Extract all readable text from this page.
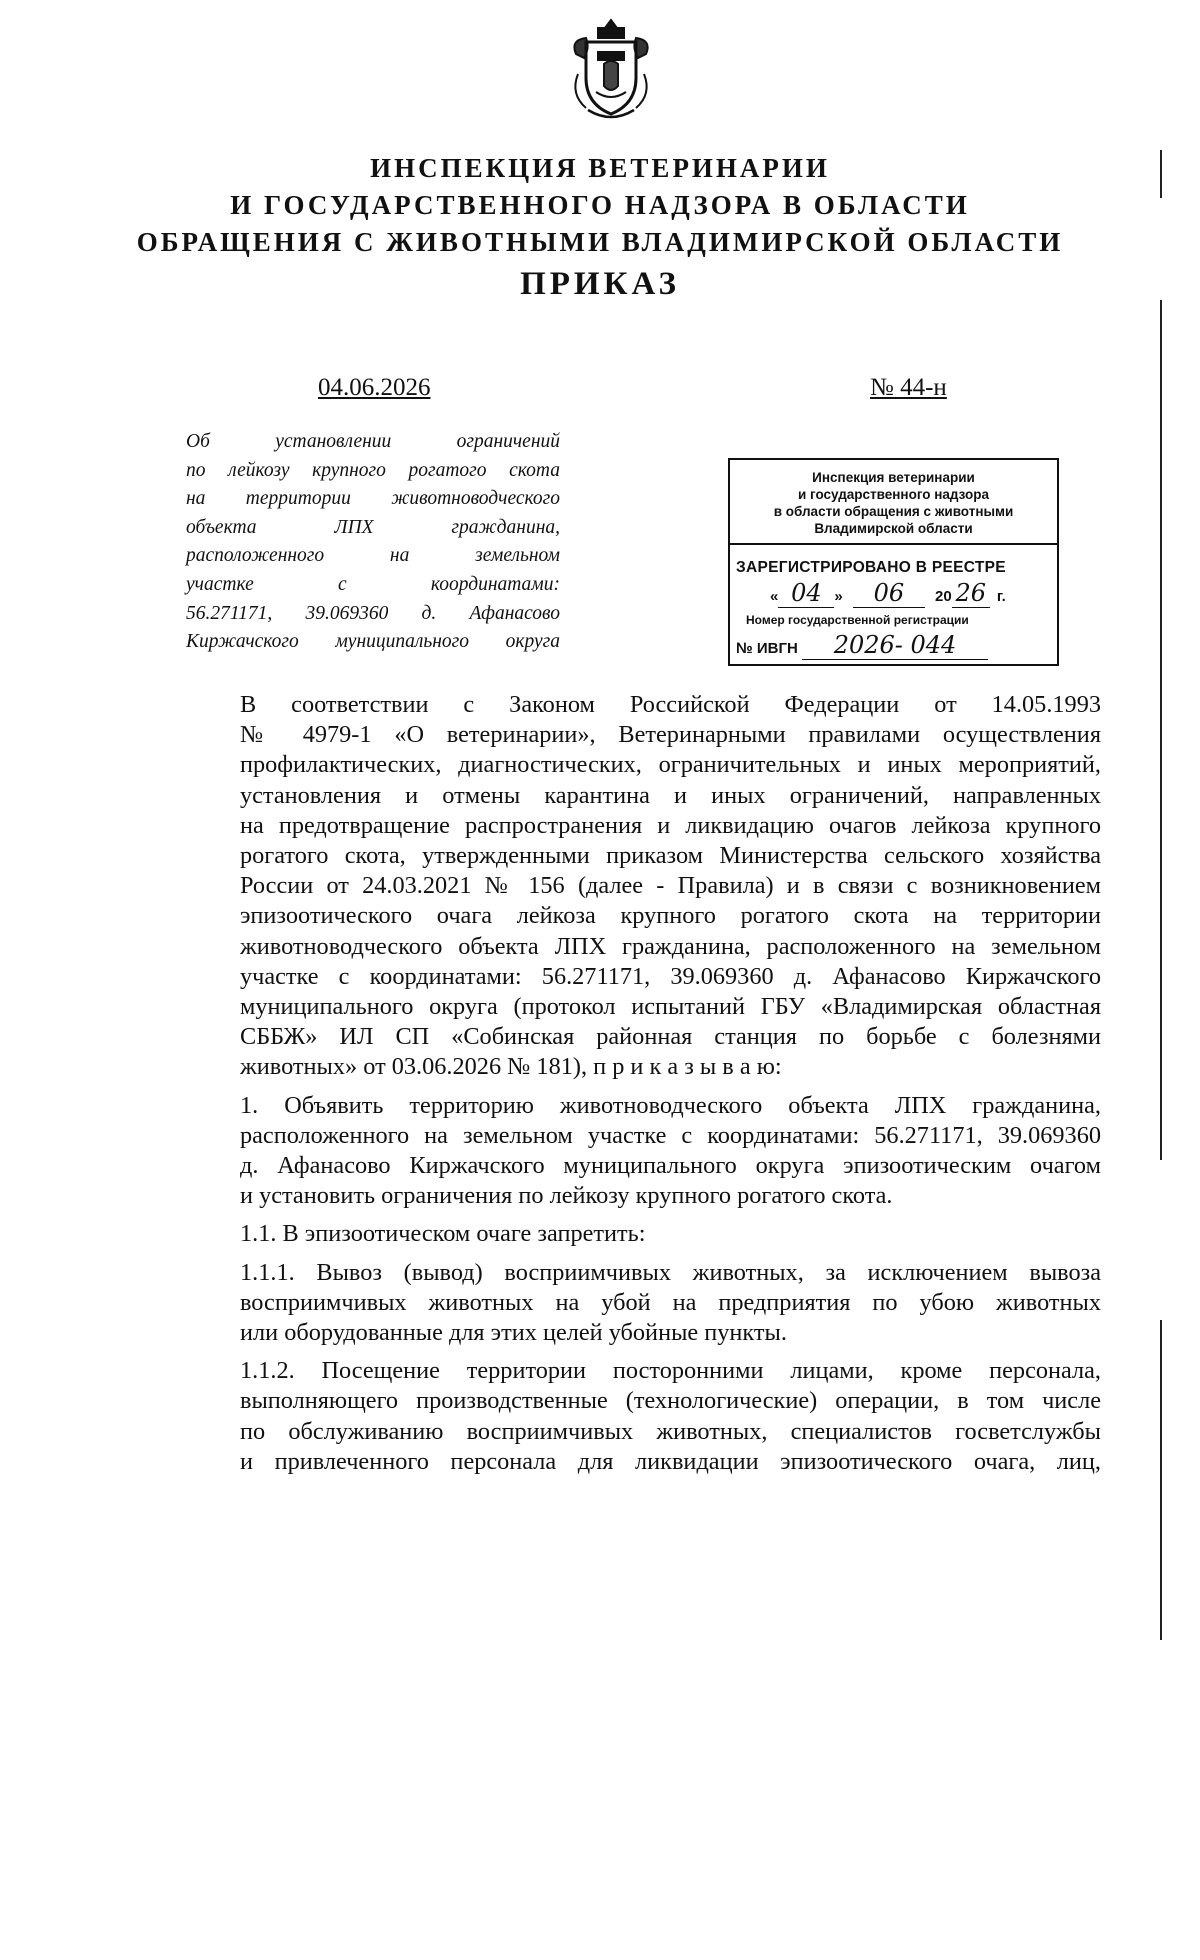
ИНСПЕКЦИЯ ВЕТЕРИНАРИИ
И ГОСУДАРСТВЕННОГО НАДЗОРА В ОБЛАСТИ
ОБРАЩЕНИЯ С ЖИВОТНЫМИ ВЛАДИМИРСКОЙ ОБЛАСТИ
ПРИКАЗ
04.06.2026	№ 44-н
Об установлении ограничений
по лейкозу крупного рогатого скота
на территории животноводческого
объекта ЛПХ гражданина,
расположенного на земельном
участке с координатами:
56.271171, 39.069360 д. Афанасово
Киржачского муниципального округа
Инспекция ветеринарии
и государственного надзора
в области обращения с животными
Владимирской области
ЗАРЕГИСТРИРОВАНО В РЕЕСТРЕ
« 04 » 06 20 26 г.
Номер государственной регистрации
№ ИВГН 2026- 044

В соответствии с Законом Российской Федерации от 14.05.1993
№ 4979-1 «О ветеринарии», Ветеринарными правилами осуществления
профилактических, диагностических, ограничительных и иных мероприятий,
установления и отмены карантина и иных ограничений, направленных
на предотвращение распространения и ликвидацию очагов лейкоза крупного
рогатого скота, утвержденными приказом Министерства сельского хозяйства
России от 24.03.2021 № 156 (далее - Правила) и в связи с возникновением
эпизоотического очага лейкоза крупного рогатого скота на территории
животноводческого объекта ЛПХ гражданина, расположенного на земельном
участке с координатами: 56.271171, 39.069360 д. Афанасово Киржачского
муниципального округа (протокол испытаний ГБУ «Владимирская областная
СББЖ» ИЛ СП «Собинская районная станция по борьбе с болезнями
животных» от 03.06.2026 № 181), п р и к а з ы в а ю:

1. Объявить территорию животноводческого объекта ЛПХ гражданина,
расположенного на земельном участке с координатами: 56.271171, 39.069360
д. Афанасово Киржачского муниципального округа эпизоотическим очагом
и установить ограничения по лейкозу крупного рогатого скота.

1.1. В эпизоотическом очаге запретить:

1.1.1. Вывоз (вывод) восприимчивых животных, за исключением вывоза
восприимчивых животных на убой на предприятия по убою животных
или оборудованные для этих целей убойные пункты.

1.1.2. Посещение территории посторонними лицами, кроме персонала,
выполняющего производственные (технологические) операции, в том числе
по обслуживанию восприимчивых животных, специалистов госветслужбы
и привлеченного персонала для ликвидации эпизоотического очага, лиц,
